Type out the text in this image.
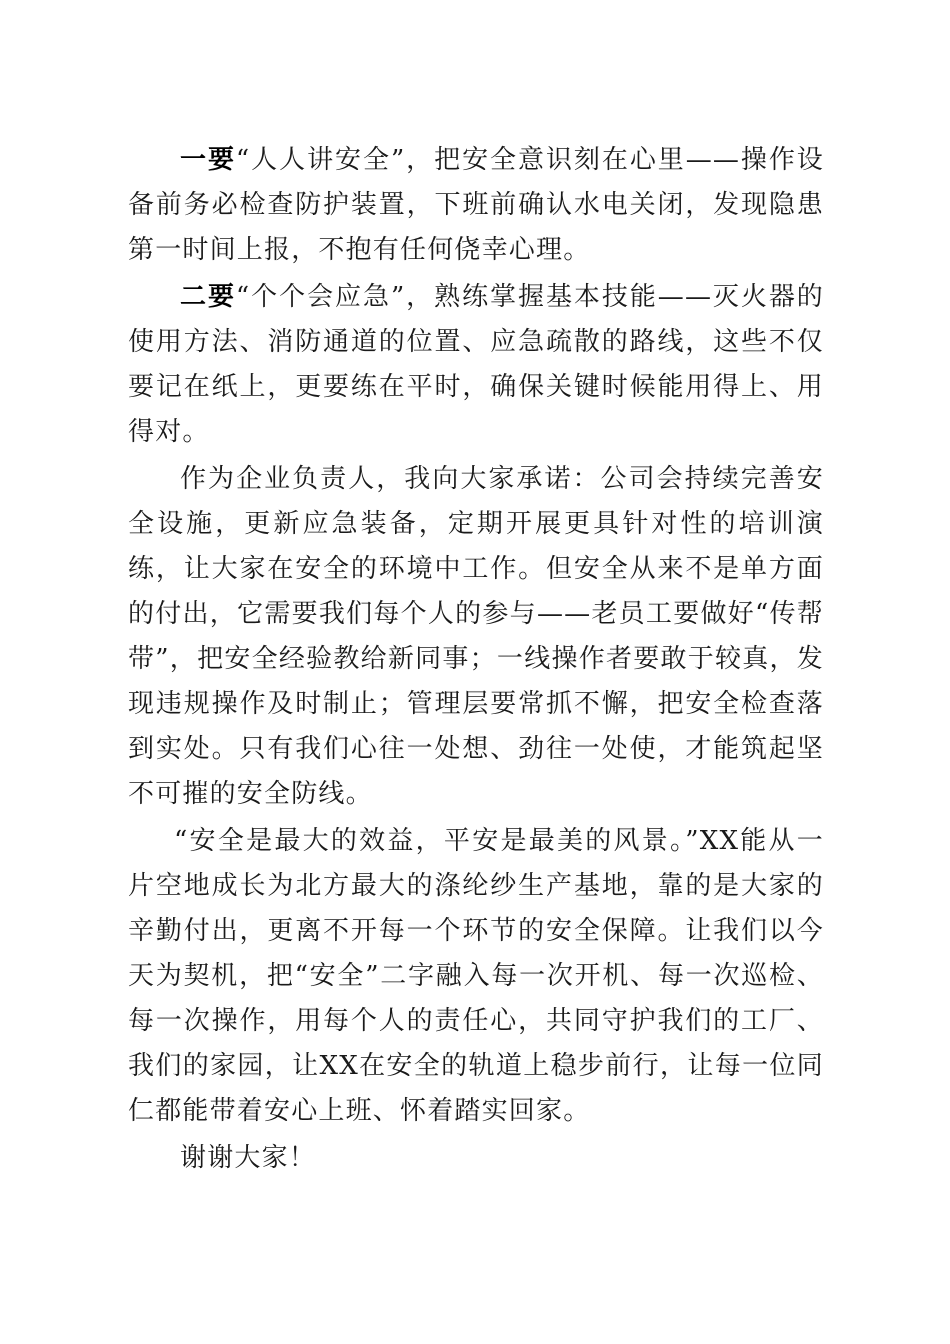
一要“人人讲安全”，把安全意识刻在心里——操作设备前务必检查防护装置，下班前确认水电关闭，发现隐患第一时间上报，不抱有任何侥幸心理。

二要“个个会应急”，熟练掌握基本技能——灭火器的使用方法、消防通道的位置、应急疏散的路线，这些不仅要记在纸上，更要练在平时，确保关键时候能用得上、用得对。

作为企业负责人，我向大家承诺：公司会持续完善安全设施，更新应急装备，定期开展更具针对性的培训演练，让大家在安全的环境中工作。但安全从来不是单方面的付出，它需要我们每个人的参与——老员工要做好“传帮带”，把安全经验教给新同事；一线操作者要敢于较真，发现违规操作及时制止；管理层要常抓不懈，把安全检查落到实处。只有我们心往一处想、劲往一处使，才能筑起坚不可摧的安全防线。

“安全是最大的效益，平安是最美的风景。”XX能从一片空地成长为北方最大的涤纶纱生产基地，靠的是大家的辛勤付出，更离不开每一个环节的安全保障。让我们以今天为契机，把“安全”二字融入每一次开机、每一次巡检、每一次操作，用每个人的责任心，共同守护我们的工厂、我们的家园，让XX在安全的轨道上稳步前行，让每一位同仁都能带着安心上班、怀着踏实回家。

谢谢大家！
